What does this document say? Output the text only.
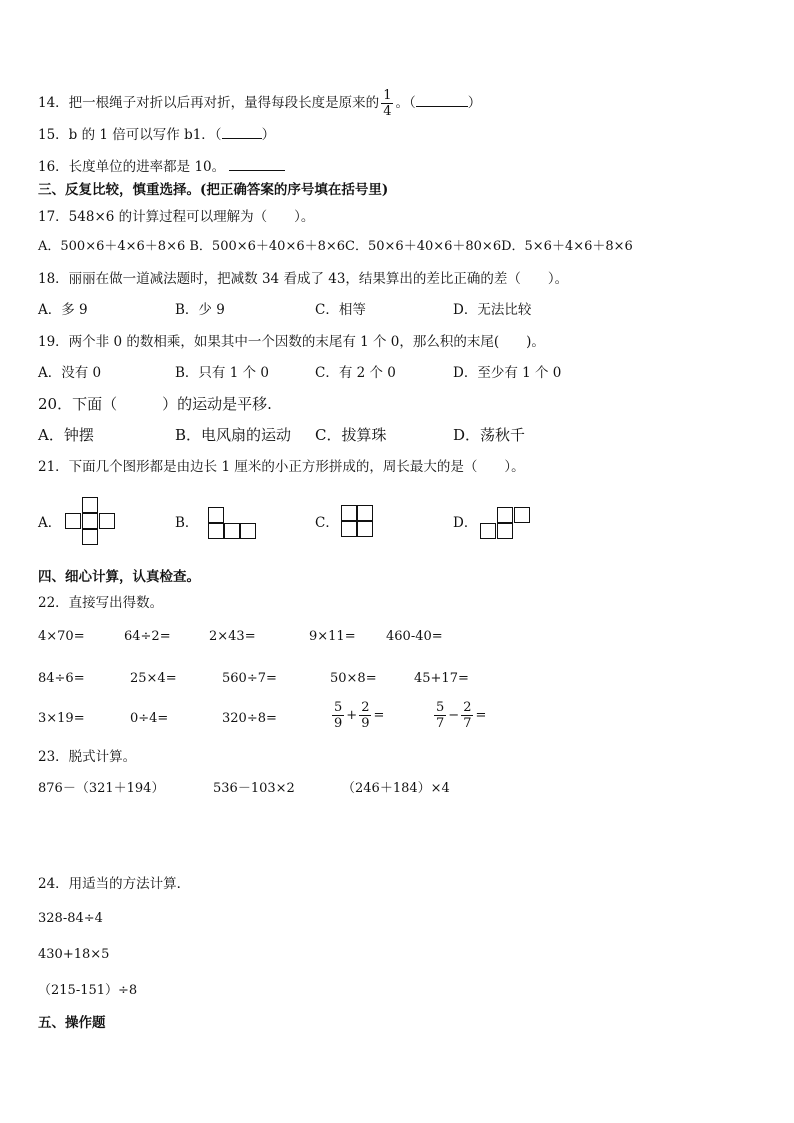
14．把一根绳子对折以后再对折，量得每段长度是原来的 $\frac{1}{4}$ 。（	）
15．b 的 1 倍可以写作 b1．（	）
16．长度单位的进率都是 10。
三、反复比较，慎重选择。(把正确答案的序号填在括号里)
17．548×6 的计算过程可以理解为（　　）。
A．500×6＋4×6＋8×6 B．500×6＋40×6＋8×6C．50×6＋40×6＋80×6D．5×6＋4×6＋8×6
18．丽丽在做一道减法题时，把减数 34 看成了 43，结果算出的差比正确的差（　　）。
A．多 9	B．少 9	C．相等	D．无法比较
19．两个非 0 的数相乘，如果其中一个因数的末尾有 1 个 0，那么积的末尾(　　)。
A．没有 0	B．只有 1 个 0	C．有 2 个 0	D．至少有 1 个 0
20．下面（　　　）的运动是平移.
A．钟摆	B．电风扇的运动 C．拔算珠	D．荡秋千
21．下面几个图形都是由边长 1 厘米的小正方形拼成的，周长最大的是（　　）。
A．	B．	C．	D．
四、细心计算，认真检查。
22．直接写出得数。
4×70=	64÷2=	2×43=	9×11= 460-40=
84÷6=	25×4=	560÷7=	50×8=	45+17=
3×19=	0÷4=	320÷8=	$\frac{5}{9} + \frac{2}{9}$ =	$\frac{5}{7} - \frac{2}{7}$ =
23．脱式计算。
876－（321＋194）	536－103×2	（246＋184）×4
24．用适当的方法计算．
328-84÷4
430+18×5
（215-151）÷8
五、操作题
